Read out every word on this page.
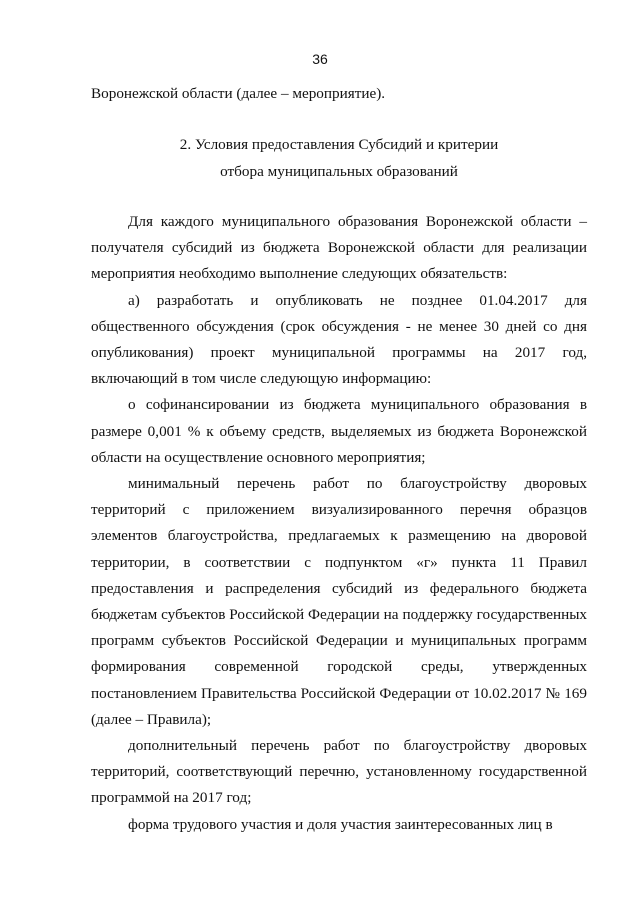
36

Воронежской области (далее – мероприятие).

2. Условия предоставления Субсидий и критерии
отбора муниципальных образований

Для каждого муниципального образования Воронежской области – получателя субсидий из бюджета Воронежской области для реализации мероприятия необходимо выполнение следующих обязательств:

а) разработать и опубликовать не позднее 01.04.2017 для общественного обсуждения (срок обсуждения - не менее 30 дней со дня опубликования) проект муниципальной программы на 2017 год, включающий в том числе следующую информацию:

о софинансировании из бюджета муниципального образования в размере 0,001 % к объему средств, выделяемых из бюджета Воронежской области на осуществление основного мероприятия;

минимальный перечень работ по благоустройству дворовых территорий с приложением визуализированного перечня образцов элементов благоустройства, предлагаемых к размещению на дворовой территории, в соответствии с подпунктом «г» пункта 11 Правил предоставления и распределения субсидий из федерального бюджета бюджетам субъектов Российской Федерации на поддержку государственных программ субъектов Российской Федерации и муниципальных программ формирования современной городской среды, утвержденных постановлением Правительства Российской Федерации от 10.02.2017 № 169 (далее – Правила);

дополнительный перечень работ по благоустройству дворовых территорий, соответствующий перечню, установленному государственной программой на 2017 год;

форма трудового участия и доля участия заинтересованных лиц в
